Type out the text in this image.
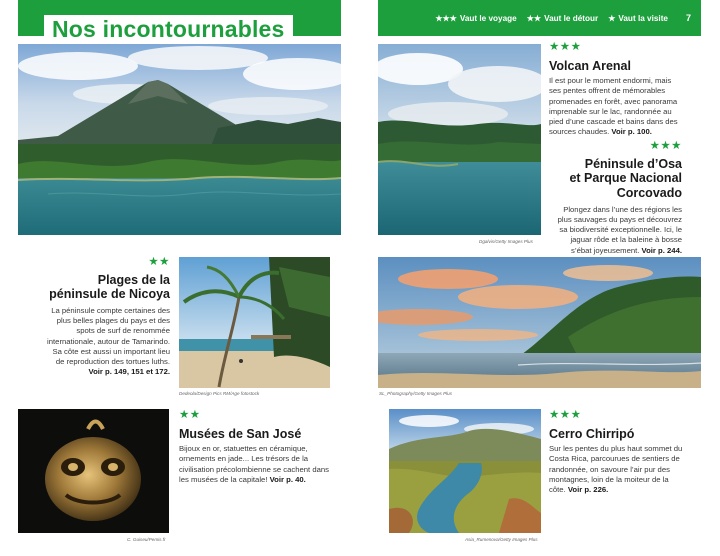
Nos incontournables	★★★ Vaut le voyage ★★ Vaut le détour ★ Vaut la visite 7
Dgalvis/Getty Images Plus
★★★
Volcan Arenal
Il est pour le moment endormi, mais ses pentes offrent de mémorables promenades en forêt, avec panorama imprenable sur le lac, randonnée au pied d’une cascade et bains dans des sources chaudes. Voir p. 100.
★★★
Péninsule d’Osa
et Parque Nacional
Corcovado
Plongez dans l’une des régions les plus sauvages du pays et découvrez sa biodiversité exceptionnelle. Ici, le jaguar rôde et la baleine à bosse s’ébat joyeusement. Voir p. 244.
★★
Plages de la
péninsule de Nicoya
La péninsule compte certaines des plus belles plages du pays et des spots de surf de renommée internationale, autour de Tamarindo. Sa côte est aussi un important lieu de reproduction des tortues luths. Voir p. 149, 151 et 172.
Dedeola/Design Pics RM/Age fotostock	SL_Photography/Getty Images Plus
C. Guiseu/Pemis.fr
★★
Musées de San José
Bijoux en or, statuettes en céramique, ornements en jade... Les trésors de la civilisation précolombienne se cachent dans les musées de la capitale! Voir p. 40.
Asia_Rumenova/Getty Images Plus
★★★
Cerro Chirripó
Sur les pentes du plus haut sommet du Costa Rica, parcourues de sentiers de randonnée, on savoure l’air pur des montagnes, loin de la moiteur de la côte. Voir p. 226.
